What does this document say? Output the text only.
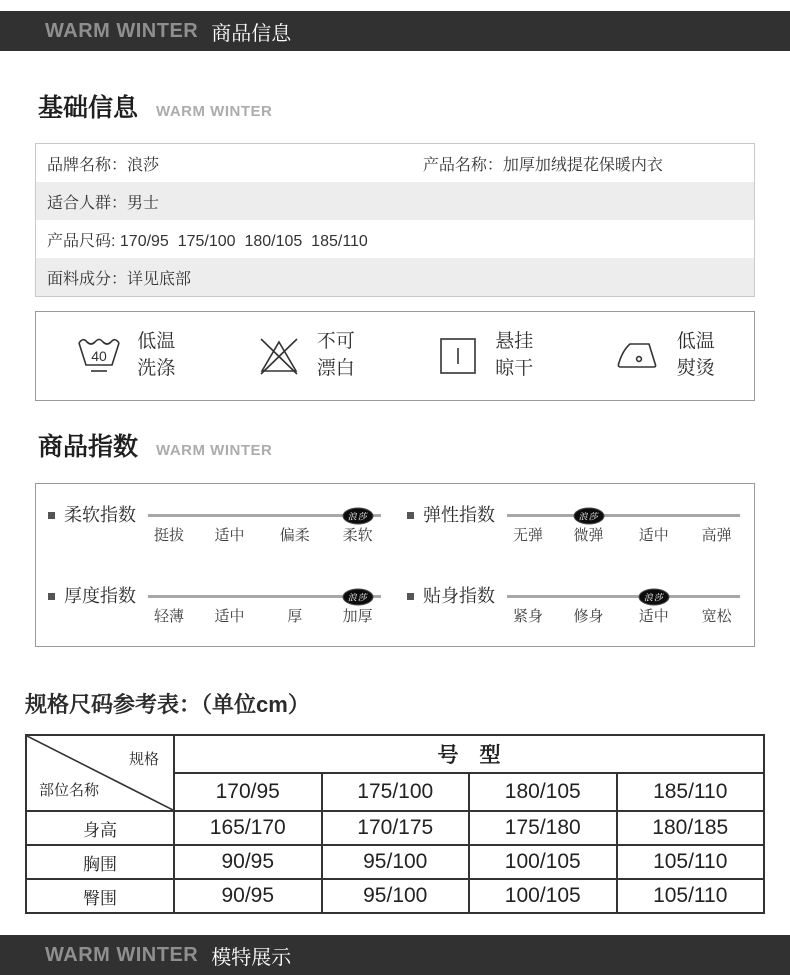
WARM WINTER 商品信息
基础信息 WARM WINTER
品牌名称：浪莎	产品名称：加厚加绒提花保暖内衣
适合人群：男士
产品尺码: 170/95  175/100  180/105  185/110
面料成分：详见底部
40
低温
洗涤
不可
漂白
悬挂
晾干
低温
熨烫
商品指数 WARM WINTER
柔软指数	浪莎
挺拔 适中 偏柔 柔软
弹性指数	浪莎
无弹 微弹 适中 高弹
厚度指数	浪莎
轻薄 适中	厚	加厚
贴身指数	浪莎
紧身 修身 适中 宽松
规格尺码参考表：（单位cm）
规格
部位名称	号　型			
	170/95	175/100	180/105	185/110
身高	165/170	170/175	175/180	180/185
胸围	90/95	95/100	100/105	105/110
臀围	90/95	95/100	100/105	105/110
WARM WINTER 模特展示
